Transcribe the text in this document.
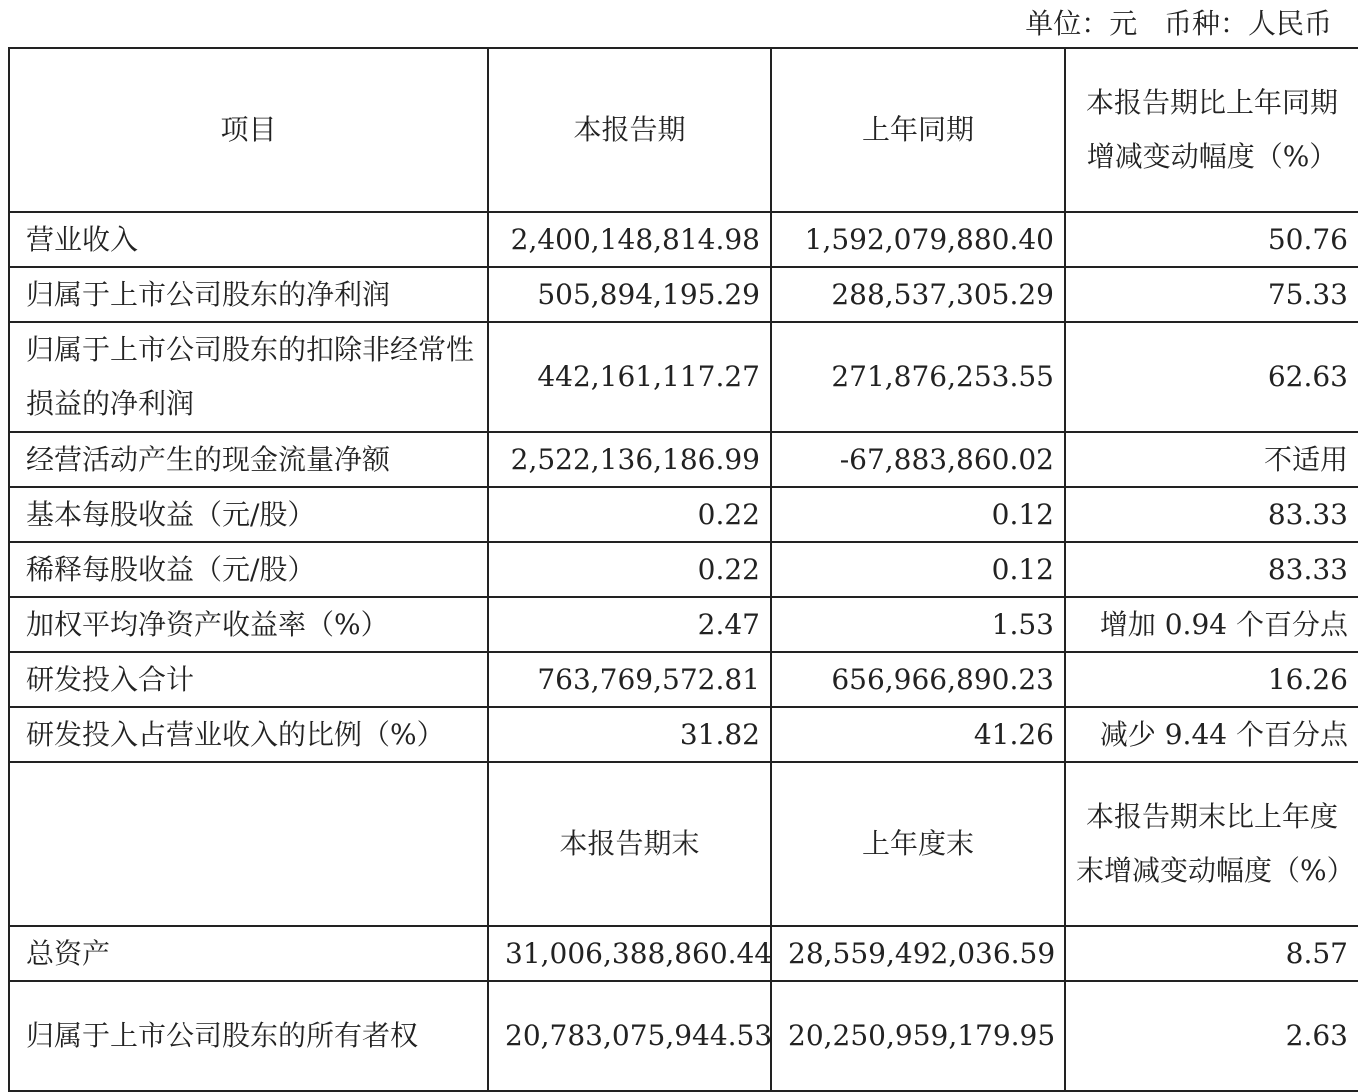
单位：元   币种：人民币
项目	本报告期	上年同期	本报告期比上年同期增减变动幅度（%）
营业收入	2,400,148,814.98	1,592,079,880.40	50.76
归属于上市公司股东的净利润	505,894,195.29	288,537,305.29	75.33
归属于上市公司股东的扣除非经常性损益的净利润	442,161,117.27	271,876,253.55	62.63
经营活动产生的现金流量净额	2,522,136,186.99	-67,883,860.02	不适用
基本每股收益（元/股）	0.22	0.12	83.33
稀释每股收益（元/股）	0.22	0.12	83.33
加权平均净资产收益率（%）	2.47	1.53	增加 0.94 个百分点
研发投入合计	763,769,572.81	656,966,890.23	16.26
研发投入占营业收入的比例（%）	31.82	41.26	减少 9.44 个百分点
	本报告期末	上年度末	本报告期末比上年度末增减变动幅度（%）
总资产	31,006,388,860.44	28,559,492,036.59	8.57
归属于上市公司股东的所有者权	20,783,075,944.53	20,250,959,179.95	2.63
